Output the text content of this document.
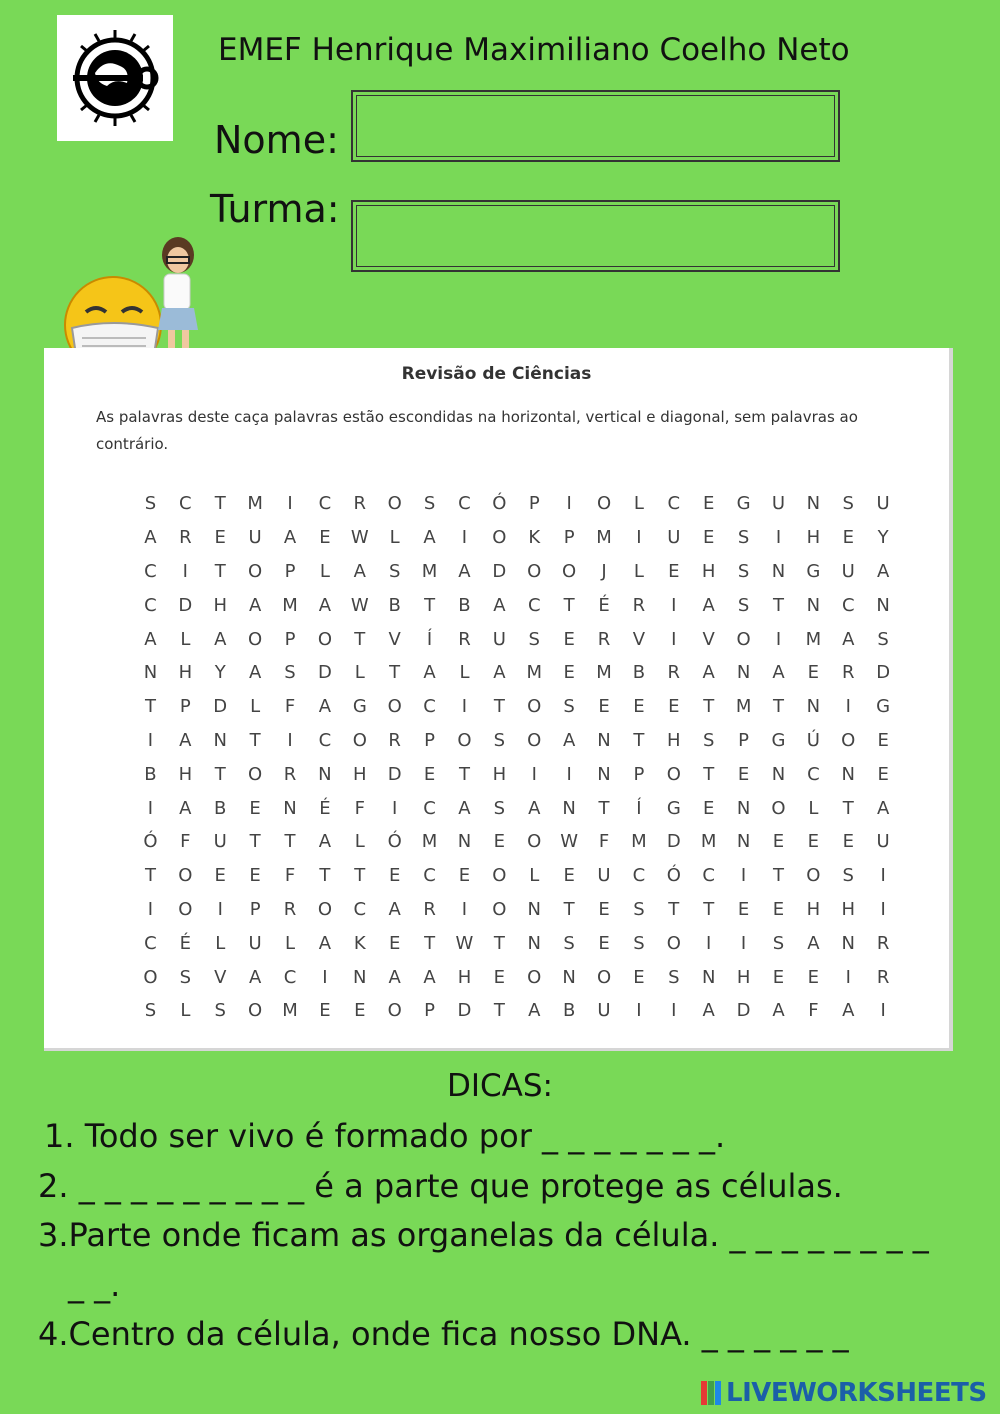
EMEF Henrique Maximiliano Coelho Neto
Nome:
Turma:
Revisão de Ciências
As palavras deste caça palavras estão escondidas na horizontal, vertical e diagonal, sem palavras ao contrário.
S	C	T	M	I	C	R	O	S	C	Ó	P	I	O	L	C	E	G	U	N	S	U
A	R	E	U	A	E	W	L	A	I	O	K	P	M	I	U	E	S	I	H	E	Y
C	I	T	O	P	L	A	S	M	A	D	O	O	J	L	E	H	S	N	G	U	A
C	D	H	A	M	A	W	B	T	B	A	C	T	É	R	I	A	S	T	N	C	N
A	L	A	O	P	O	T	V	Í	R	U	S	E	R	V	I	V	O	I	M	A	S
N	H	Y	A	S	D	L	T	A	L	A	M	E	M	B	R	A	N	A	E	R	D
T	P	D	L	F	A	G	O	C	I	T	O	S	E	E	E	T	M	T	N	I	G
I	A	N	T	I	C	O	R	P	O	S	O	A	N	T	H	S	P	G	Ú	O	E
B	H	T	O	R	N	H	D	E	T	H	I	I	N	P	O	T	E	N	C	N	E
I	A	B	E	N	É	F	I	C	A	S	A	N	T	Í	G	E	N	O	L	T	A
Ó	F	U	T	T	A	L	Ó	M	N	E	O	W	F	M	D	M	N	E	E	E	U
T	O	E	E	F	T	T	E	C	E	O	L	E	U	C	Ó	C	I	T	O	S	I
I	O	I	P	R	O	C	A	R	I	O	N	T	E	S	T	T	E	E	H	H	I
C	É	L	U	L	A	K	E	T	W	T	N	S	E	S	O	I	I	S	A	N	R
O	S	V	A	C	I	N	A	A	H	E	O	N	O	E	S	N	H	E	E	I	R
S	L	S	O	M	E	E	O	P	D	T	A	B	U	I	I	A	D	A	F	A	I
DICAS:
1. Todo ser vivo é formado por _ _ _ _ _ _ _.
2. _ _ _ _ _ _ _ _ _ é a parte que protege as células.
3.Parte onde ficam as organelas da célula. _ _ _ _ _ _ _ _
_ _.
4.Centro da célula, onde fica nosso DNA. _ _ _ _ _ _
LIVEWORKSHEETS
